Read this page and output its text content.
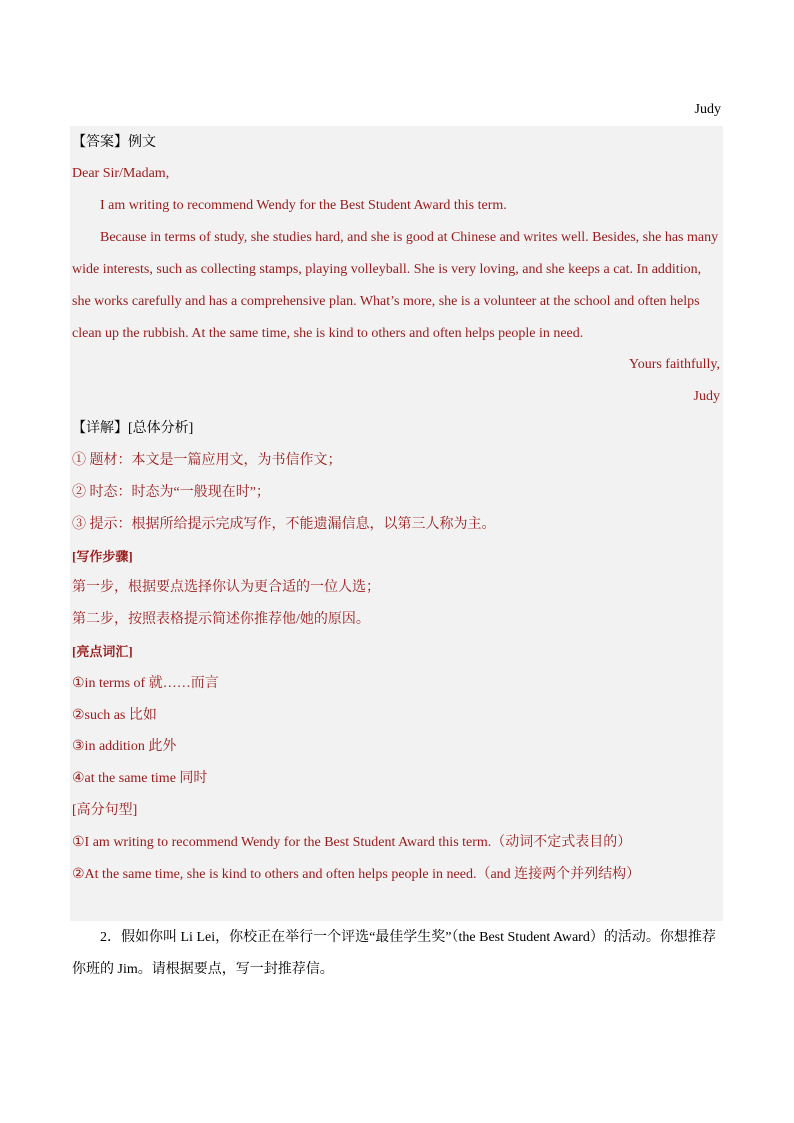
Judy
【答案】例文
Dear Sir/Madam,
I am writing to recommend Wendy for the Best Student Award this term.
Because in terms of study, she studies hard, and she is good at Chinese and writes well. Besides, she has many
wide interests, such as collecting stamps, playing volleyball. She is very loving, and she keeps a cat. In addition,
she works carefully and has a comprehensive plan. What’s more, she is a volunteer at the school and often helps
clean up the rubbish. At the same time, she is kind to others and often helps people in need.
Yours faithfully,
Judy
【详解】[总体分析]
① 题材：本文是一篇应用文，为书信作文；
② 时态：时态为“一般现在时”；
③ 提示：根据所给提示完成写作，不能遗漏信息，以第三人称为主。
[写作步骤]
第一步，根据要点选择你认为更合适的一位人选；
第二步，按照表格提示简述你推荐他/她的原因。
[亮点词汇]
①in terms of 就……而言
②such as 比如
③in addition 此外
④at the same time 同时
[高分句型]
①I am writing to recommend Wendy for the Best Student Award this term.（动词不定式表目的）
②At the same time, she is kind to others and often helps people in need.（and 连接两个并列结构）
2．假如你叫 Li Lei，你校正在举行一个评选“最佳学生奖”（the Best Student Award）的活动。你想推荐
你班的 Jim。请根据要点，写一封推荐信。
